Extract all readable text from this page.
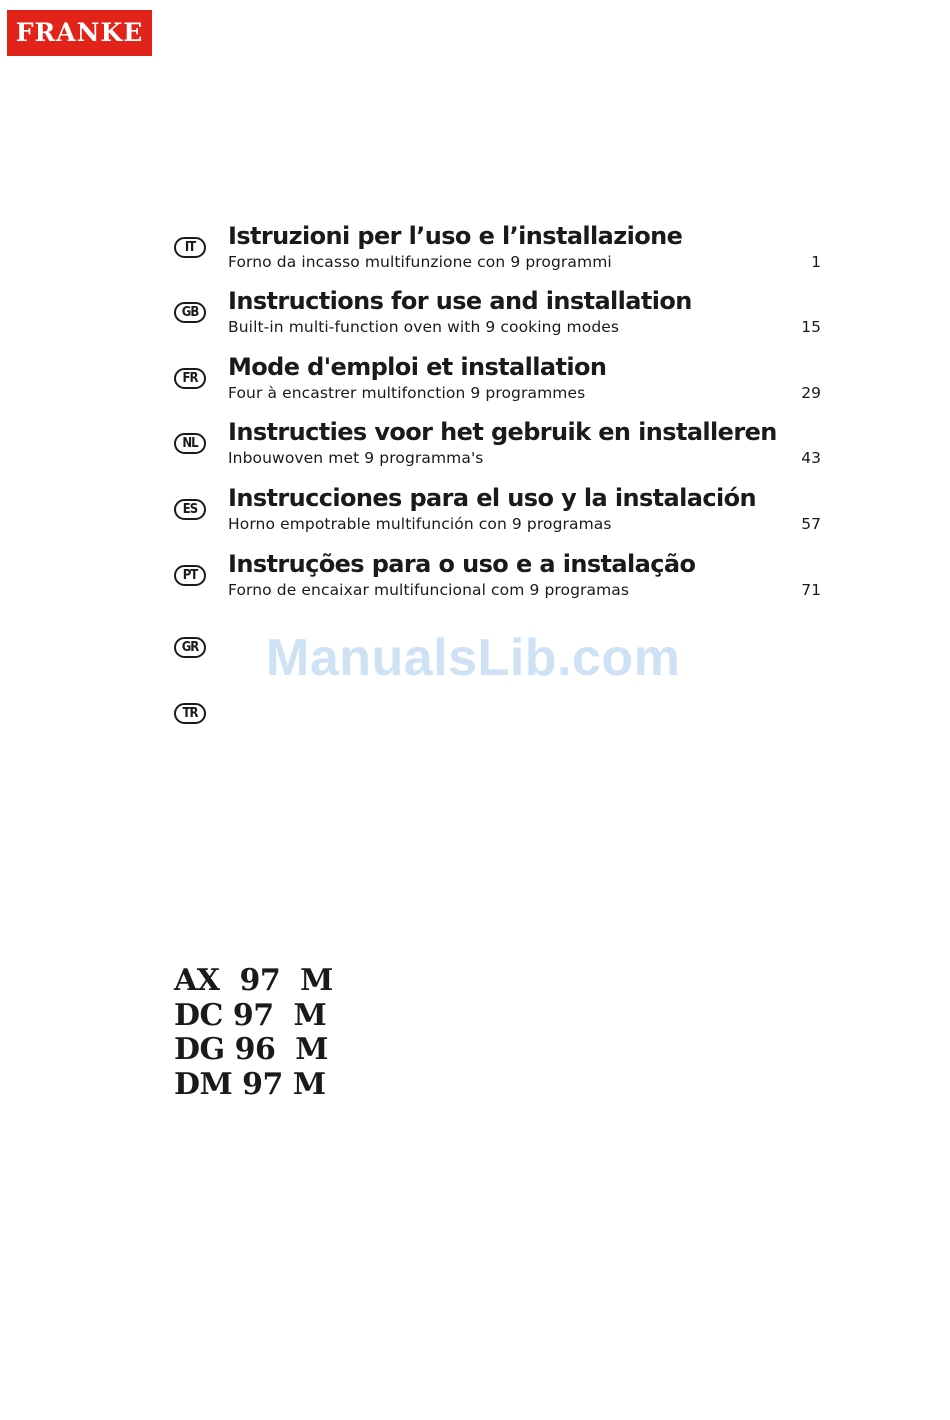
FRANKE
IT	Istruzioni per l’uso e l’installazione
Forno da incasso multifunzione con 9 programmi	1
GB	Instructions for use and installation
Built-in multi-function oven with 9 cooking modes	15
FR	Mode d'emploi et installation
Four à encastrer multifonction 9 programmes	29
NL	Instructies voor het gebruik en installeren
Inbouwoven met 9 programma's	43
ES	Instrucciones para el uso y la instalación
Horno empotrable multifunción con 9 programas	57
PT	Instruções para o uso e a instalação
Forno de encaixar multifuncional com 9 programas	71
GR
TR
ManualsLib.com
AX  97  M
DC 97  M
DG 96  M
DM 97 M
